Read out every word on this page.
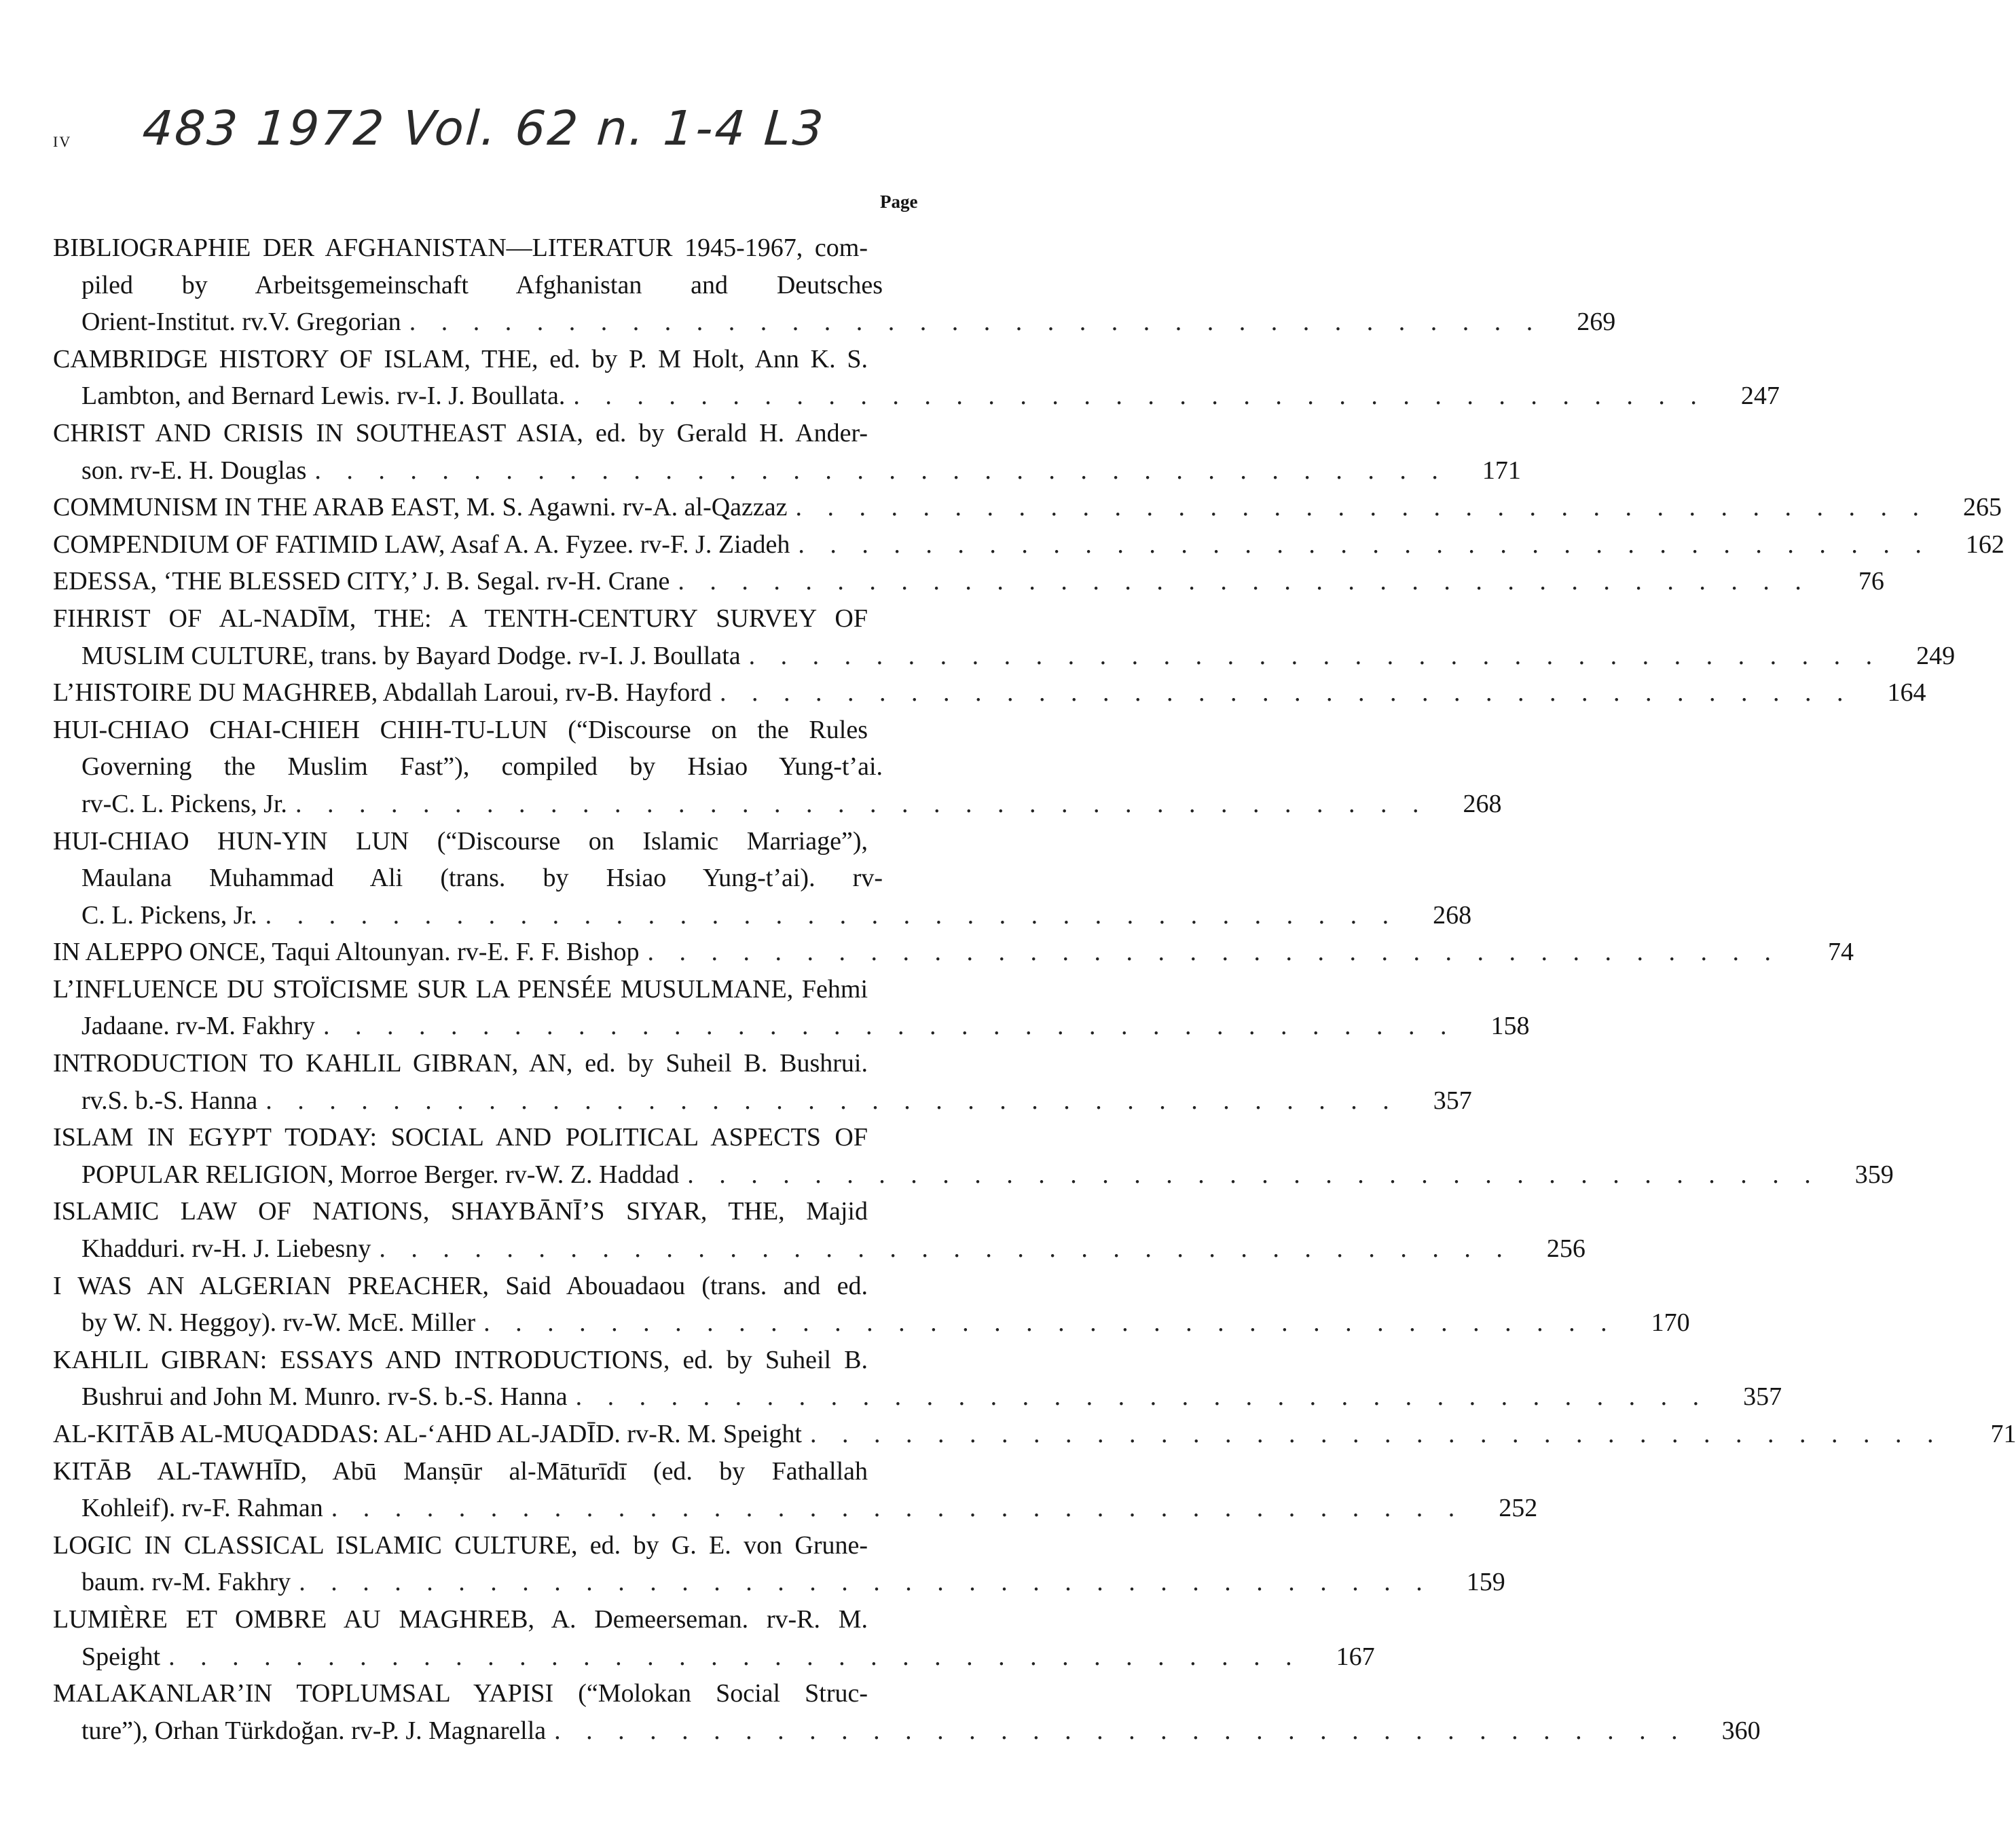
IV 483 1972 Vol. 62 n. 1-4 L3
Page
BIBLIOGRAPHIE DER AFGHANISTAN—LITERATUR 1945-1967, com-
piled by Arbeitsgemeinschaft Afghanistan and Deutsches
Orient-Institut. rv.V. Gregorian . . . . . . . . . . . . . . . . . . . . . . . . . . . . . . . . . . . .	269
CAMBRIDGE HISTORY OF ISLAM, THE, ed. by P. M Holt, Ann K. S.
Lambton, and Bernard Lewis. rv-I. J. Boullata. . . . . . . . . . . . . . . . . . . . . . . . . . . . . . . . . . . . .	247
CHRIST AND CRISIS IN SOUTHEAST ASIA, ed. by Gerald H. Ander-
son. rv-E. H. Douglas . . . . . . . . . . . . . . . . . . . . . . . . . . . . . . . . . . . .	171
COMMUNISM IN THE ARAB EAST, M. S. Agawni. rv-A. al-Qazzaz . . . . . . . . . . . . . . . . . . . . . . . . . . . . . . . . . . . .	265
COMPENDIUM OF FATIMID LAW, Asaf A. A. Fyzee. rv-F. J. Ziadeh . . . . . . . . . . . . . . . . . . . . . . . . . . . . . . . . . . . .	162
EDESSA, ‘THE BLESSED CITY,’ J. B. Segal. rv-H. Crane . . . . . . . . . . . . . . . . . . . . . . . . . . . . . . . . . . . .	76
FIHRIST OF AL-NADĪM, THE: A TENTH-CENTURY SURVEY OF
MUSLIM CULTURE, trans. by Bayard Dodge. rv-I. J. Boullata . . . . . . . . . . . . . . . . . . . . . . . . . . . . . . . . . . . .	249
L’HISTOIRE DU MAGHREB, Abdallah Laroui, rv-B. Hayford . . . . . . . . . . . . . . . . . . . . . . . . . . . . . . . . . . . .	164
HUI-CHIAO CHAI-CHIEH CHIH-TU-LUN (“Discourse on the Rules
Governing the Muslim Fast”), compiled by Hsiao Yung-t’ai.
rv-C. L. Pickens, Jr. . . . . . . . . . . . . . . . . . . . . . . . . . . . . . . . . . . . .	268
HUI-CHIAO HUN-YIN LUN (“Discourse on Islamic Marriage”),
Maulana Muhammad Ali (trans. by Hsiao Yung-t’ai). rv-
C. L. Pickens, Jr. . . . . . . . . . . . . . . . . . . . . . . . . . . . . . . . . . . . .	268
IN ALEPPO ONCE, Taqui Altounyan. rv-E. F. F. Bishop . . . . . . . . . . . . . . . . . . . . . . . . . . . . . . . . . . . .	74
L’INFLUENCE DU STOÏCISME SUR LA PENSÉE MUSULMANE, Fehmi
Jadaane. rv-M. Fakhry . . . . . . . . . . . . . . . . . . . . . . . . . . . . . . . . . . . .	158
INTRODUCTION TO KAHLIL GIBRAN, AN, ed. by Suheil B. Bushrui.
rv.S. b.-S. Hanna . . . . . . . . . . . . . . . . . . . . . . . . . . . . . . . . . . . .	357
ISLAM IN EGYPT TODAY: SOCIAL AND POLITICAL ASPECTS OF
POPULAR RELIGION, Morroe Berger. rv-W. Z. Haddad . . . . . . . . . . . . . . . . . . . . . . . . . . . . . . . . . . . .	359
ISLAMIC LAW OF NATIONS, SHAYBĀNĪ’S SIYAR, THE, Majid
Khadduri. rv-H. J. Liebesny . . . . . . . . . . . . . . . . . . . . . . . . . . . . . . . . . . . .	256
I WAS AN ALGERIAN PREACHER, Said Abouadaou (trans. and ed.
by W. N. Heggoy). rv-W. McE. Miller . . . . . . . . . . . . . . . . . . . . . . . . . . . . . . . . . . . .	170
KAHLIL GIBRAN: ESSAYS AND INTRODUCTIONS, ed. by Suheil B.
Bushrui and John M. Munro. rv-S. b.-S. Hanna . . . . . . . . . . . . . . . . . . . . . . . . . . . . . . . . . . . .	357
AL-KITĀB AL-MUQADDAS: AL-‘AHD AL-JADĪD. rv-R. M. Speight . . . . . . . . . . . . . . . . . . . . . . . . . . . . . . . . . . . .	71
KITĀB AL-TAWHĪD, Abū Manṣūr al-Māturīdī (ed. by Fathallah
Kohleif). rv-F. Rahman . . . . . . . . . . . . . . . . . . . . . . . . . . . . . . . . . . . .	252
LOGIC IN CLASSICAL ISLAMIC CULTURE, ed. by G. E. von Grune-
baum. rv-M. Fakhry . . . . . . . . . . . . . . . . . . . . . . . . . . . . . . . . . . . .	159
LUMIÈRE ET OMBRE AU MAGHREB, A. Demeerseman. rv-R. M.
Speight . . . . . . . . . . . . . . . . . . . . . . . . . . . . . . . . . . . .	167
MALAKANLAR’IN TOPLUMSAL YAPISI (“Molokan Social Struc-
ture”), Orhan Türkdoğan. rv-P. J. Magnarella . . . . . . . . . . . . . . . . . . . . . . . . . . . . . . . . . . . .	360
